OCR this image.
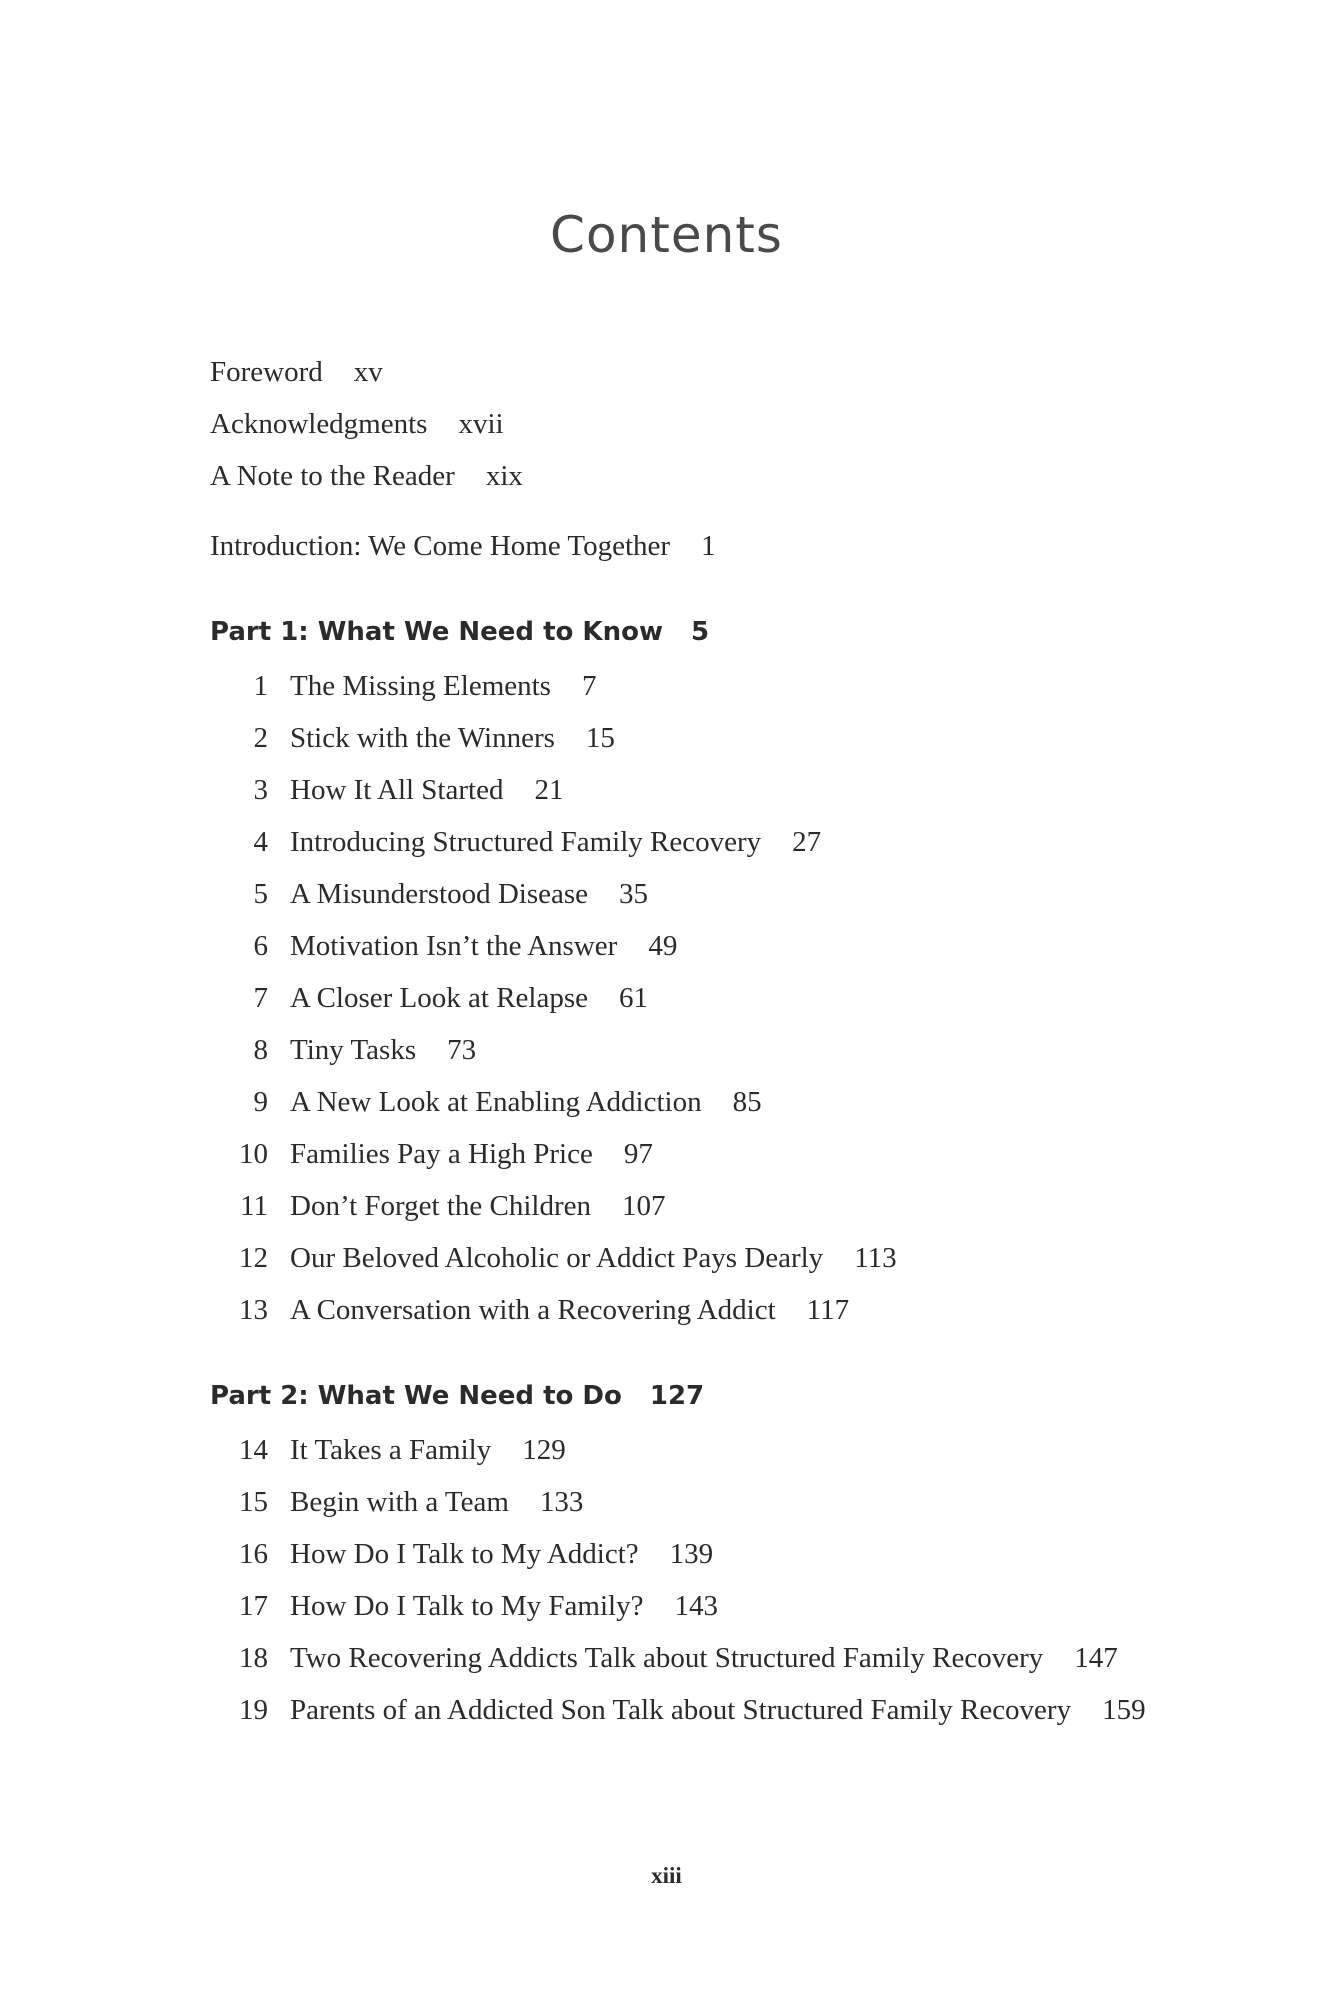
Contents
Foreword xv
Acknowledgments xvii
A Note to the Reader xix
Introduction: We Come Home Together 1
Part 1: What We Need to Know 5
1 The Missing Elements 7
2 Stick with the Winners 15
3 How It All Started 21
4 Introducing Structured Family Recovery 27
5 A Misunderstood Disease 35
6 Motivation Isn’t the Answer 49
7 A Closer Look at Relapse 61
8 Tiny Tasks 73
9 A New Look at Enabling Addiction 85
10 Families Pay a High Price 97
11 Don’t Forget the Children 107
12 Our Beloved Alcoholic or Addict Pays Dearly 113
13 A Conversation with a Recovering Addict 117
Part 2: What We Need to Do 127
14 It Takes a Family 129
15 Begin with a Team 133
16 How Do I Talk to My Addict? 139
17 How Do I Talk to My Family? 143
18 Two Recovering Addicts Talk about Structured Family Recovery 147
19 Parents of an Addicted Son Talk about Structured Family Recovery 159
xiii
